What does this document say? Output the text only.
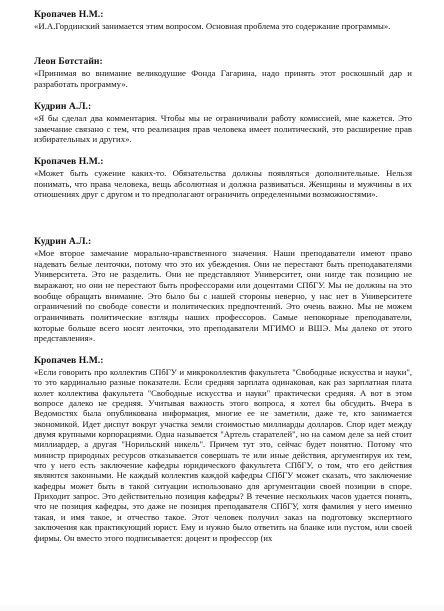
Кропачев Н.М.:

«И.А.Гординский занимается этим вопросом. Основная проблема это содержание программы».

Леон Ботстайн:

«Принимая во внимание великодушие Фонда Гагарина, надо принять этот роскошный дар и разработать программу».

Кудрин А.Л.:

«Я бы сделал два комментария. Чтобы мы не ограничивали работу комиссией, мне кажется. Это замечание связано с тем, что реализация прав человека имеет политический, это расширение прав избирательных и других».

Кропачев Н.М.:

«Может быть сужение каких-то. Обязательства должны появляться дополнительные. Нельзя понимать, что права человека, вещь абсолютная и должна развиваться. Женщины и мужчины в их отношениях друг с другом и то предполагают ограничить определенными возможностями».

Кудрин А.Л.:

«Мое второе замечание морально-нравственного значения. Наши преподаватели имеют право надевать белые ленточки, потому что это их убеждения. Они не перестают быть преподавателями Университета. Это не разделить. Они не представляют Университет, они нигде так позицию не выражают, но они не перестают быть профессорами или доцентами СПбГУ. Мы не должны на это вообще обращать внимание. Это было бы с нашей стороны неверно, у нас нет в Университете ограничений по свободе совести и политических предпочтений. Это очень важно. Мы не можем ограничивать политические взгляды наших профессоров. Самые непокорные преподаватели, которые больше всего носят ленточки, это преподаватели МГИМО и ВШЭ. Мы далеко от этого представления».

Кропачев Н.М.:

«Если говорить про коллектив СПбГУ и микроколлектив факультета "Свободные искусства и науки", то это кардинально разные показатели. Если средняя зарплата одинаковая, как раз зарплатная плата колет коллектива факультета "Свободные искусства и науки" практически средняя. А вот в этом вопросе далеко не средняя. Учитывая важность этого вопроса, я хотел бы обсудить. Вчера в Ведомостях была опубликована информация, многие ее не заметили, даже те, кто занимается экономикой. Идет диспут вокруг участка земли стоимостью миллиарды долларов. Спор идет между двумя крупными корпорациями. Одна называется "Артель старателей", но на самом деле за ней стоит миллиардер, а другая "Норильский никель". Причем тут это, сейчас будет понятно. Потому что министр природных ресурсов отказывается совершать те или иные действия, аргументируя их тем, что у него есть заключение кафедры юридического факультета СПбГУ, о том, что его действия являются законными. Не каждый коллектив каждой кафедры СПбГУ может сказать, что заключение кафедры может быть в такой ситуации использовано для аргументации своей позиции в споре. Приходит запрос. Это действительно позиция кафедры? В течение нескольких часов удается понять, что не позиция кафедры, это даже не позиция преподавателя СПбГУ, хотя фамилия у него именно такая, и имя такое, и отчество такое. Этот человек получил заказ на подготовку экспертного заключения как практикующий юрист. Ему и нужно было ответить на бланке или пустом, или своей фирмы. Он вместо этого подписывается: доцент и профессор (их
